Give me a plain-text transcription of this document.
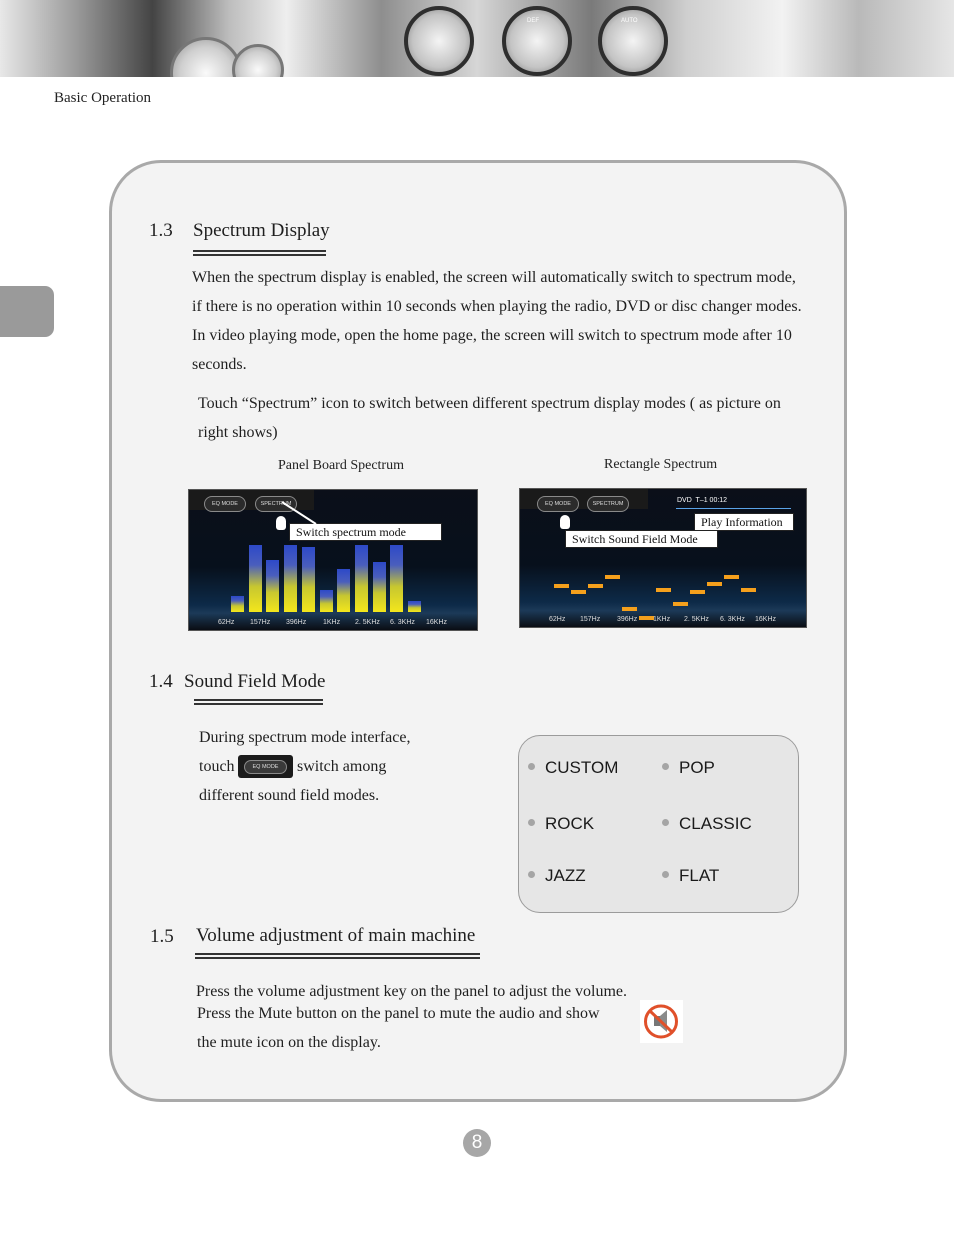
DEF	AUTO
Basic Operation
1.3 Spectrum Display
When the spectrum display is enabled, the screen will automatically switch to spectrum mode, if there is no operation within 10 seconds when playing the radio, DVD or disc changer modes. In video playing mode, open the home page, the screen will switch to spectrum mode after 10 seconds.
Touch “Spectrum” icon to switch between different spectrum display modes ( as picture on right shows)
Panel Board Spectrum	Rectangle Spectrum
EQ MODE	SPECTRUM
62Hz 157Hz 396Hz 1KHz 2. 5KHz 6. 3KHz 16KHz
Switch spectrum mode
EQ MODE	SPECTRUM	DVD  T–1 00:12
62Hz 157Hz 396Hz 1KHz 2. 5KHz 6. 3KHz 16KHz
Play Information
Switch Sound Field Mode
1.4 Sound Field Mode
During spectrum mode interface,
touch	EQ MODE	switch among
different sound field modes.
CUSTOM	POP
ROCK	CLASSIC
JAZZ	FLAT
1.5 Volume adjustment of main machine
Press the volume adjustment key on the panel to adjust the volume.
Press the Mute button on the panel to mute the audio and show
the mute icon on the display.
8
